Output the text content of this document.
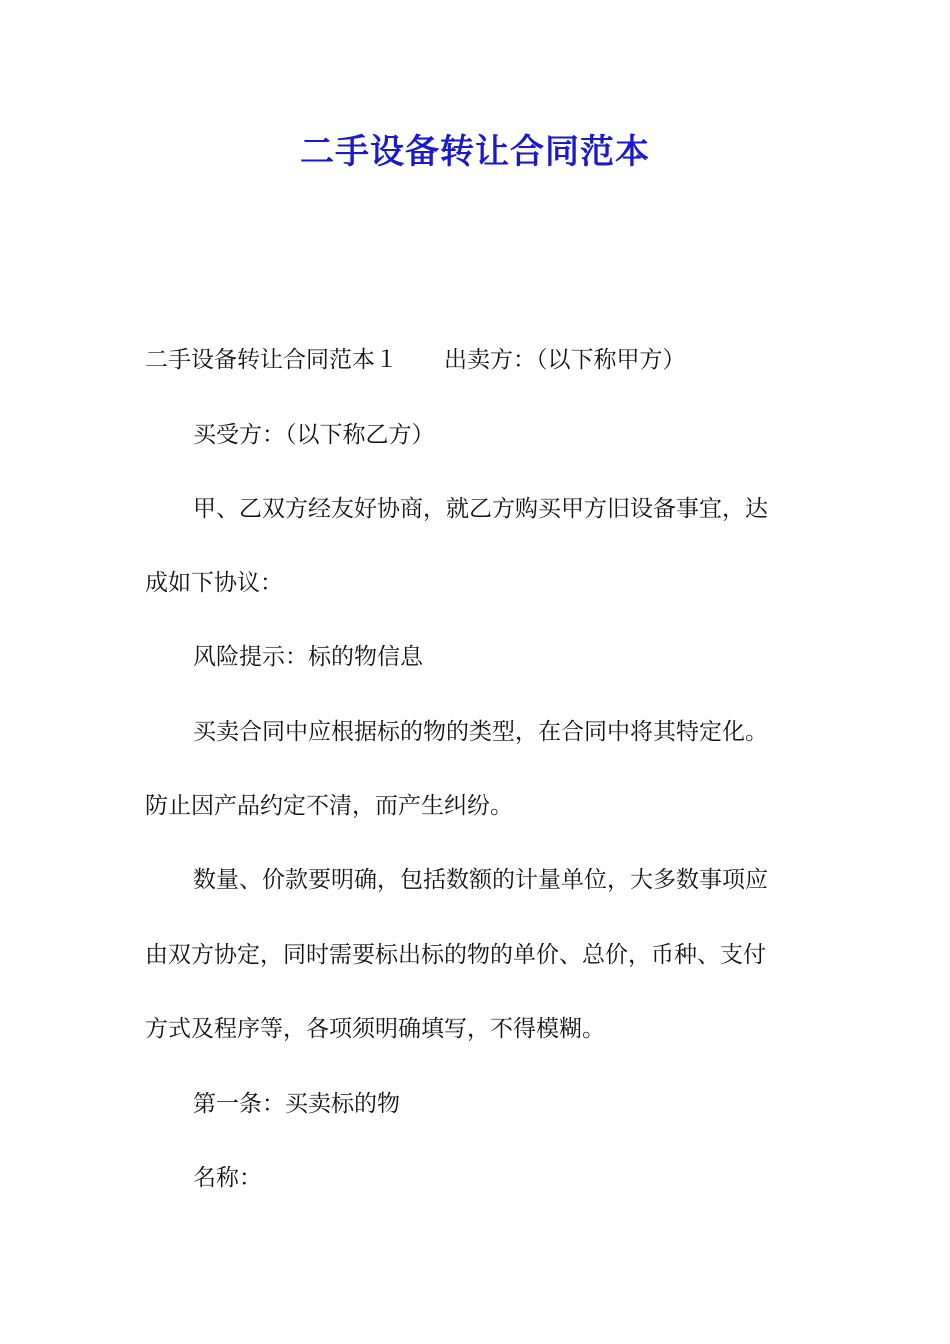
二手设备转让合同范本

二手设备转让合同范本１ 出卖方：（以下称甲方）

买受方：（以下称乙方）

甲、乙双方经友好协商，就乙方购买甲方旧设备事宜，达

成如下协议：

风险提示：标的物信息

买卖合同中应根据标的物的类型，在合同中将其特定化。

防止因产品约定不清，而产生纠纷。

数量、价款要明确，包括数额的计量单位，大多数事项应

由双方协定，同时需要标出标的物的单价、总价，币种、支付

方式及程序等，各项须明确填写，不得模糊。

第一条：买卖标的物

名称：
